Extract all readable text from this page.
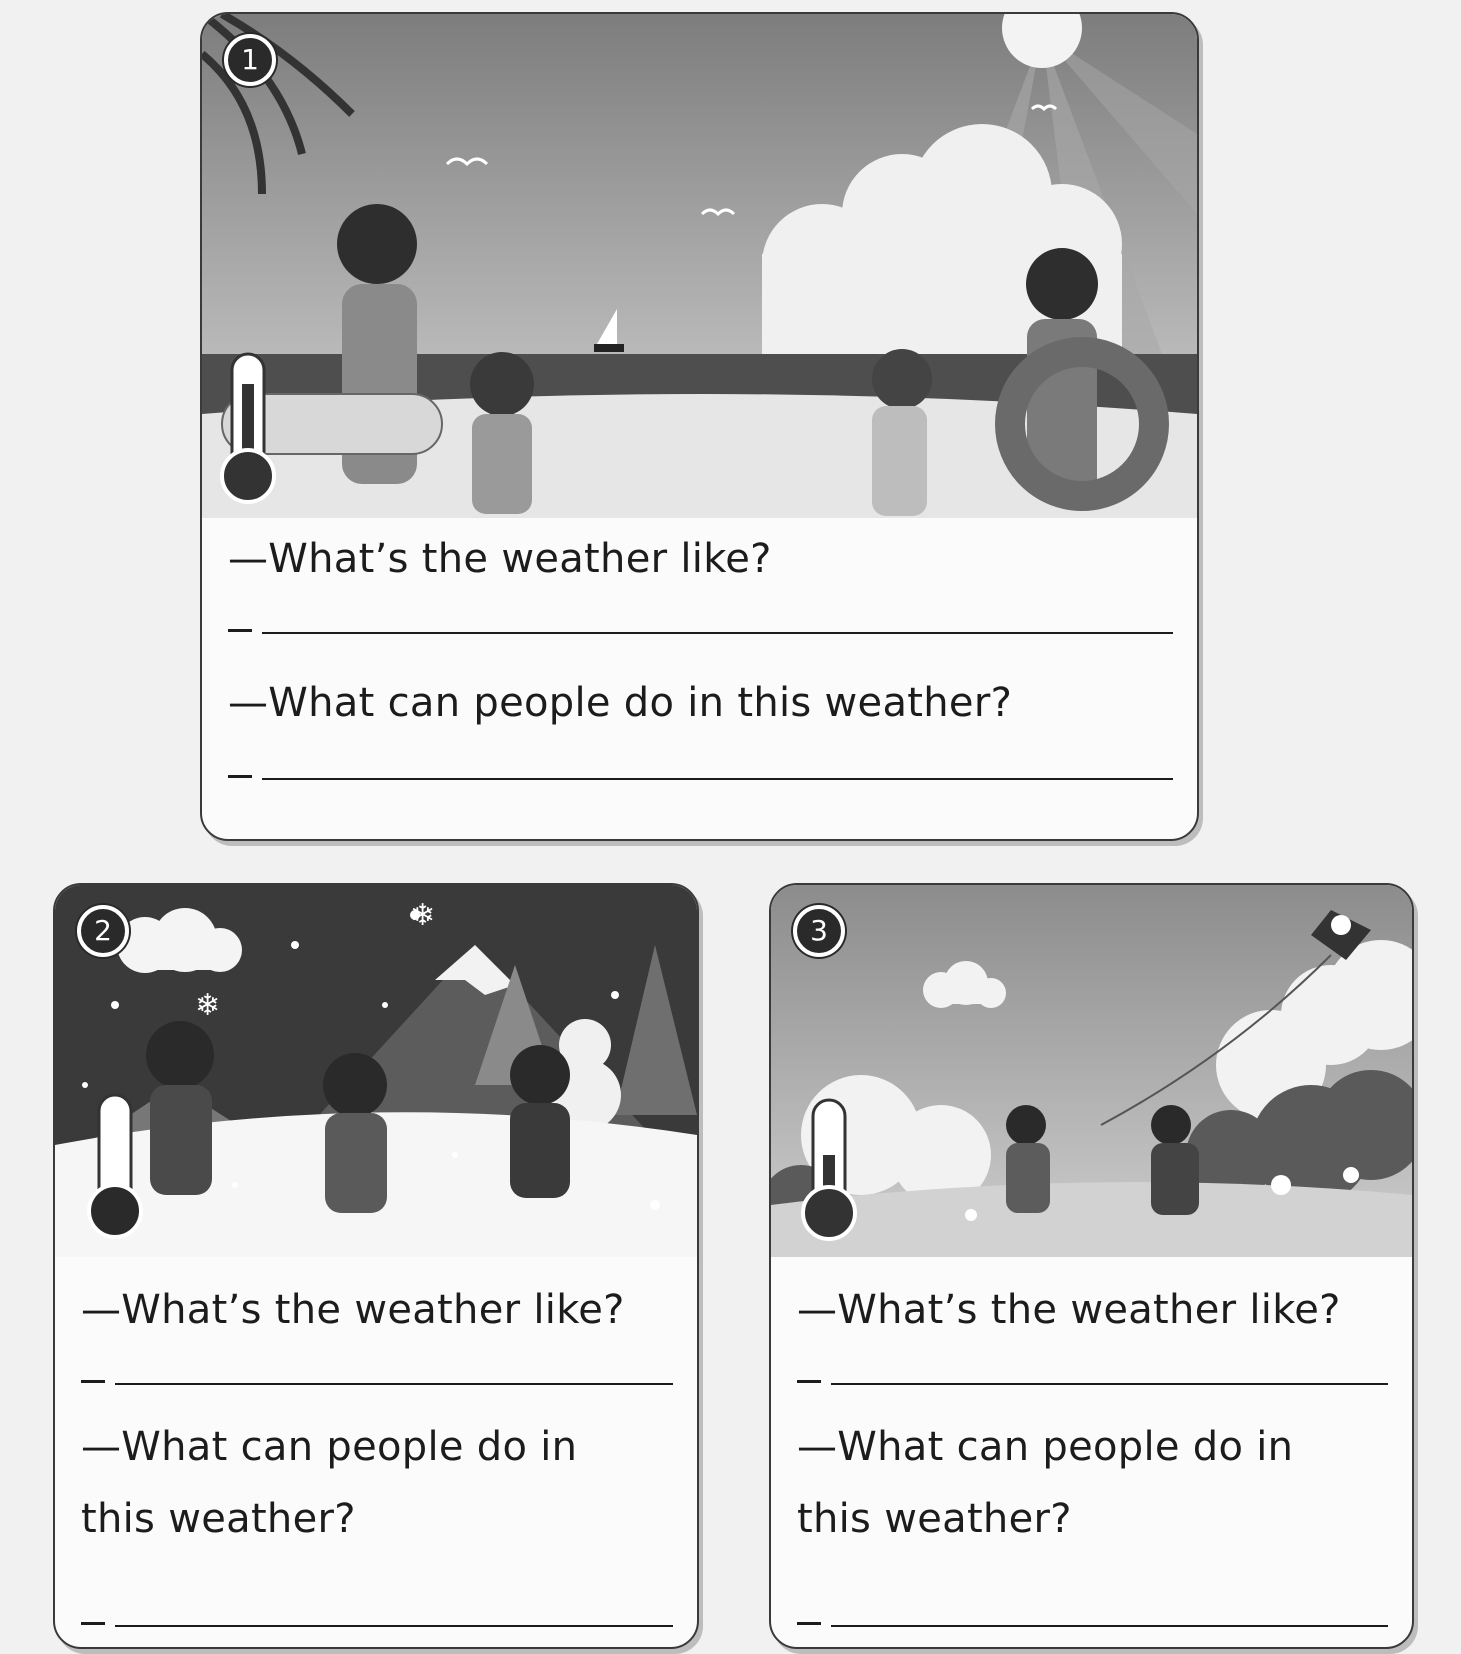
1
—What’s the weather like?
—What can people do in this weather?
❄
❄
2
—What’s the weather like?
—What can people do in this weather?
3
—What’s the weather like?
—What can people do in this weather?
